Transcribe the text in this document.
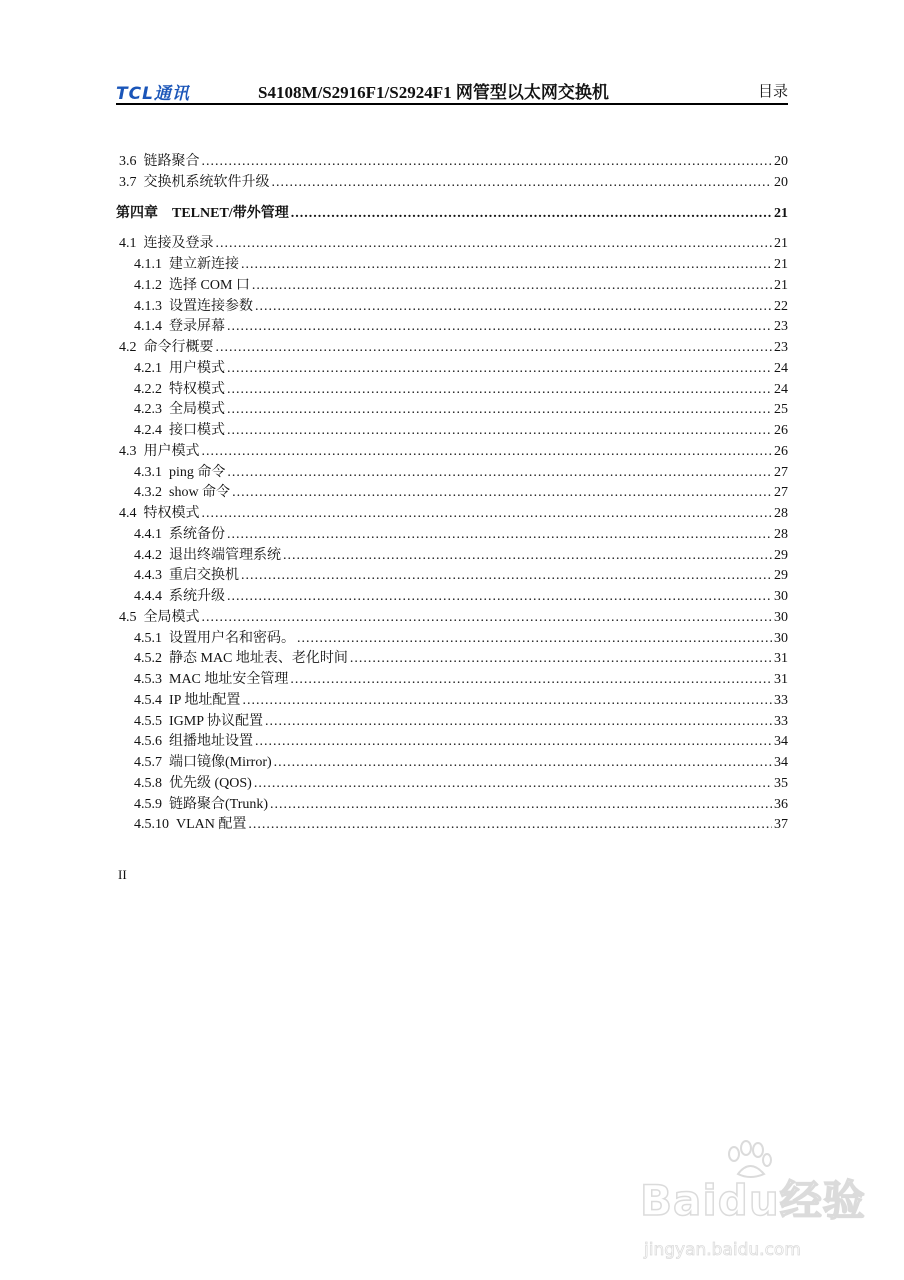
TCL通讯	S4108M/S2916F1/S2924F1 网管型以太网交换机	目录
3.6 链路聚合 .....	20
3.7 交换机系统软件升级 .....	20
第四章 TELNET/带外管理 .....	21
4.1 连接及登录 .....	21
4.1.1 建立新连接 .....	21
4.1.2 选择 COM 口 .....	21
4.1.3 设置连接参数 .....	22
4.1.4 登录屏幕 .....	23
4.2 命令行概要 .....	23
4.2.1 用户模式 .....	24
4.2.2 特权模式 .....	24
4.2.3 全局模式 .....	25
4.2.4 接口模式 .....	26
4.3 用户模式 .....	26
4.3.1 ping 命令 .....	27
4.3.2 show 命令 .....	27
4.4 特权模式 .....	28
4.4.1 系统备份 .....	28
4.4.2 退出终端管理系统 .....	29
4.4.3 重启交换机 .....	29
4.4.4 系统升级 .....	30
4.5 全局模式 .....	30
4.5.1 设置用户名和密码。 .....	30
4.5.2 静态 MAC 地址表、老化时间 .....	31
4.5.3 MAC 地址安全管理 .....	31
4.5.4 IP 地址配置 .....	33
4.5.5 IGMP 协议配置 .....	33
4.5.6 组播地址设置 .....	34
4.5.7 端口镜像(Mirror) .....	34
4.5.8 优先级 (QOS) .....	35
4.5.9 链路聚合(Trunk) .....	36
4.5.10 VLAN 配置 .....	37
II
Baidu经验
jingyan.baidu.com
